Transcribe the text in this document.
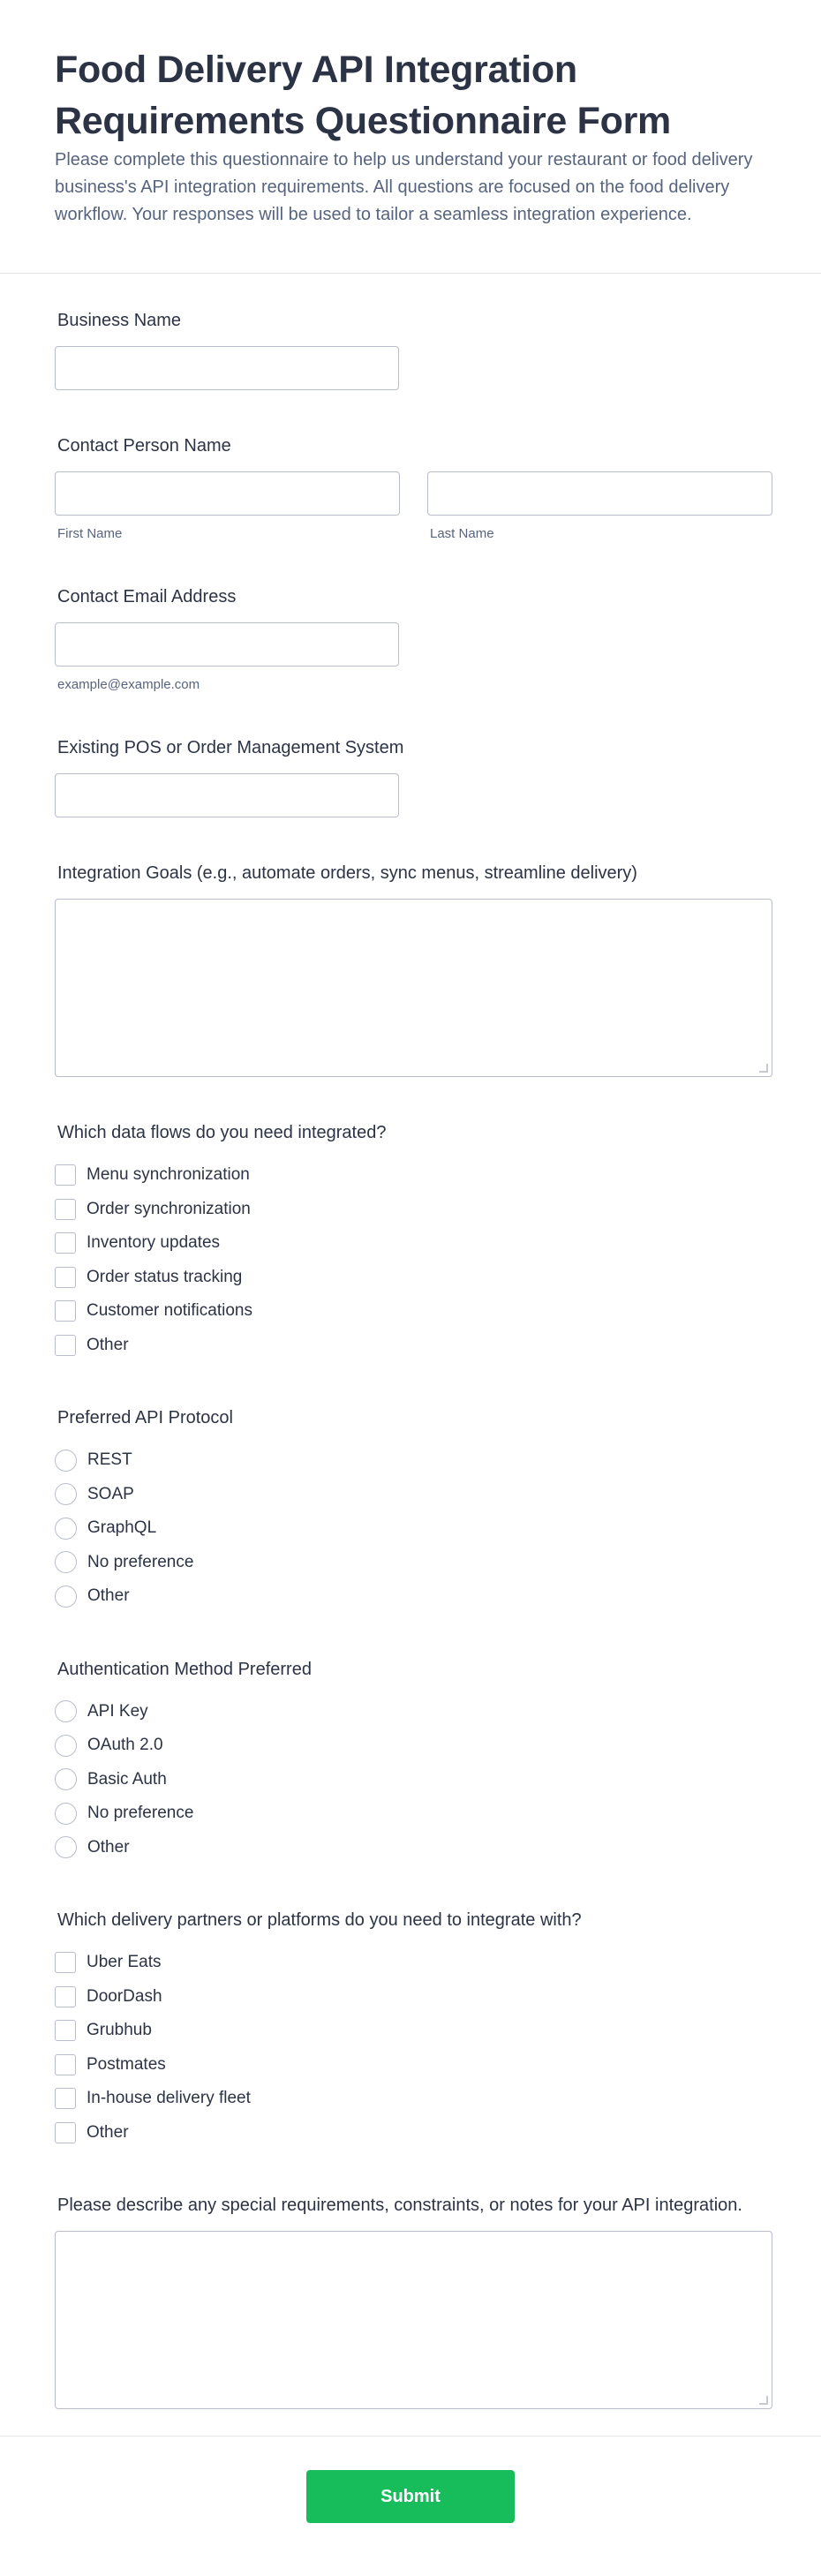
Food Delivery API Integration Requirements Questionnaire Form

Please complete this questionnaire to help us understand your restaurant or food delivery business's API integration requirements. All questions are focused on the food delivery workflow. Your responses will be used to tailor a seamless integration experience.

Business Name
Contact Person Name
First Name	Last Name
Contact Email Address
example@example.com
Existing POS or Order Management System
Integration Goals (e.g., automate orders, sync menus, streamline delivery)
Which data flows do you need integrated?
Menu synchronization
Order synchronization
Inventory updates
Order status tracking
Customer notifications
Other
Preferred API Protocol
REST
SOAP
GraphQL
No preference
Other
Authentication Method Preferred
API Key
OAuth 2.0
Basic Auth
No preference
Other
Which delivery partners or platforms do you need to integrate with?
Uber Eats
DoorDash
Grubhub
Postmates
In-house delivery fleet
Other
Please describe any special requirements, constraints, or notes for your API integration.
Submit Requirements
